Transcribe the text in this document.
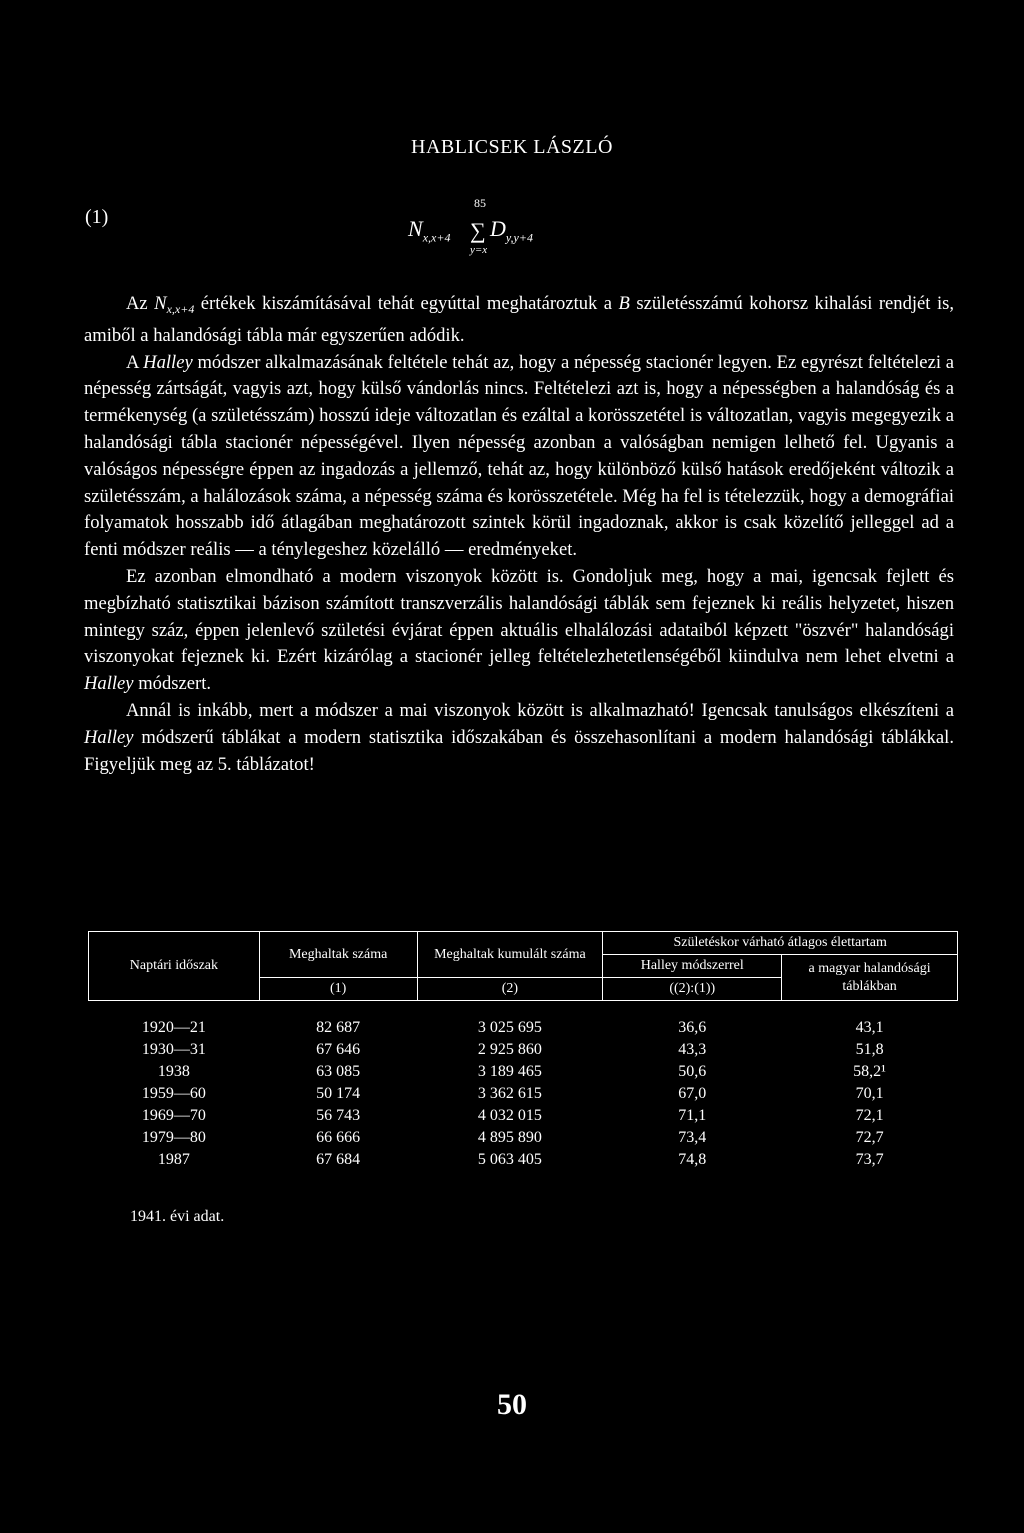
HABLICSEK LÁSZLÓ
(1)	$N_{x,x+4}$
85
∑
y=x
$D_{y,y+4}$

Az $N_{x,x+4}$ értékek kiszámításával tehát egyúttal meghatároztuk a B születésszámú kohorsz kihalási rendjét is, amiből a halandósági tábla már egyszerűen adódik.

A Halley módszer alkalmazásának feltétele tehát az, hogy a népesség stacionér legyen. Ez egyrészt feltételezi a népesség zártságát, vagyis azt, hogy külső vándorlás nincs. Feltételezi azt is, hogy a népességben a halandóság és a termékenység (a születésszám) hosszú ideje változatlan és ezáltal a korösszetétel is változatlan, vagyis megegyezik a halandósági tábla stacionér népességével. Ilyen népesség azonban a valóságban nemigen lelhető fel. Ugyanis a valóságos népességre éppen az ingadozás a jellemző, tehát az, hogy különböző külső hatások eredőjeként változik a születésszám, a halálozások száma, a népesség száma és korösszetétele. Még ha fel is tételezzük, hogy a demográfiai folyamatok hosszabb idő átlagában meghatározott szintek körül ingadoznak, akkor is csak közelítő jelleggel ad a fenti módszer reális — a ténylegeshez közelálló — eredményeket.

Ez azonban elmondható a modern viszonyok között is. Gondoljuk meg, hogy a mai, igencsak fejlett és megbízható statisztikai bázison számított transzverzális halandósági táblák sem fejeznek ki reális helyzetet, hiszen mintegy száz, éppen jelenlevő születési évjárat éppen aktuális elhalálozási adataiból képzett "öszvér" halandósági viszonyokat fejeznek ki. Ezért kizárólag a stacionér jelleg feltételezhetetlenségéből kiindulva nem lehet elvetni a Halley módszert.

Annál is inkább, mert a módszer a mai viszonyok között is alkalmazható! Igencsak tanulságos elkészíteni a Halley módszerű táblákat a modern statisztika időszakában és összehasonlítani a modern halandósági táblákkal. Figyeljük meg az 5. táblázatot!

Naptári időszak	Meghaltak száma	Meghaltak kumulált száma	Születéskor várható átlagos élettartam	
			Halley módszerrel	a magyar halandósági táblákban
	(1)	(2)	((2):(1))	

1920—21	82 687	3 025 695	36,6	43,1
1930—31	67 646	2 925 860	43,3	51,8
1938	63 085	3 189 465	50,6	58,2¹
1959—60	50 174	3 362 615	67,0	70,1
1969—70	56 743	4 032 015	71,1	72,1
1979—80	66 666	4 895 890	73,4	72,7
1987	67 684	5 063 405	74,8	73,7
1941. évi adat.
50
